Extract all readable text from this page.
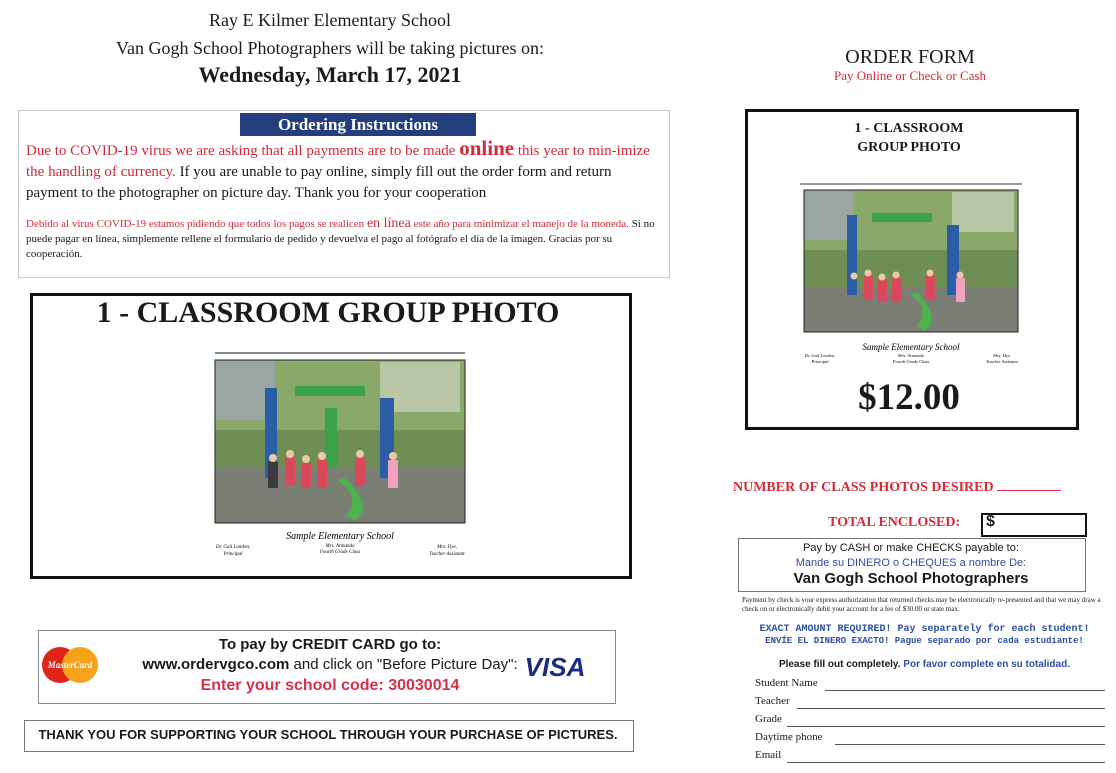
Ray E Kilmer Elementary School
Van Gogh School Photographers will be taking pictures on:
Wednesday, March 17, 2021
Ordering Instructions
Due to COVID-19 virus we are asking that all payments are to be made online this year to min-imize the handling of currency. If you are unable to pay online, simply fill out the order form and return payment to the photographer on picture day. Thank you for your cooperation
Debido al virus COVID-19 estamos pidiendo que todos los pagos se realicen en línea este año para minimizar el manejo de la moneda. Si no puede pagar en línea, simplemente rellene el formulario de pedido y devuelva el pago al fotógrafo el día de la imagen. Gracias por su cooperación.
1 - CLASSROOM GROUP PHOTO
Sample Elementary School
Mrs. Armando
Fourth Grade Class
Dr. Gail London,
Principal
Mrs. Dye,
Teacher Assistant
MasterCard
To pay by CREDIT CARD go to:
www.ordervgco.com and click on "Before Picture Day":
Enter your school code: 30030014
VISA
THANK YOU FOR SUPPORTING YOUR SCHOOL THROUGH YOUR PURCHASE OF PICTURES.
ORDER FORM
Pay Online or Check or Cash
1 - CLASSROOM
GROUP PHOTO
Sample Elementary School
Mrs. Armando
Fourth Grade Class
Dr. Gail London,
Principal
Mrs. Dye,
Teacher Assistant
$12.00
NUMBER OF CLASS PHOTOS DESIRED
TOTAL ENCLOSED: $
Pay by CASH or make CHECKS payable to:
Mande su DINERO o CHEQUES a nombre De:
Van Gogh School Photographers
Payment by check is your express authorization that returned checks may be electronically re-presented and that we may draw a check on or electronically debit your account for a fee of $30.00 or state max.
EXACT AMOUNT REQUIRED! Pay separately for each student!
ENVÍE EL DINERO EXACTO! Pague separado por cada estudiante!
Please fill out completely. Por favor complete en su totalidad.
Student Name
Teacher
Grade
Daytime phone
Email
